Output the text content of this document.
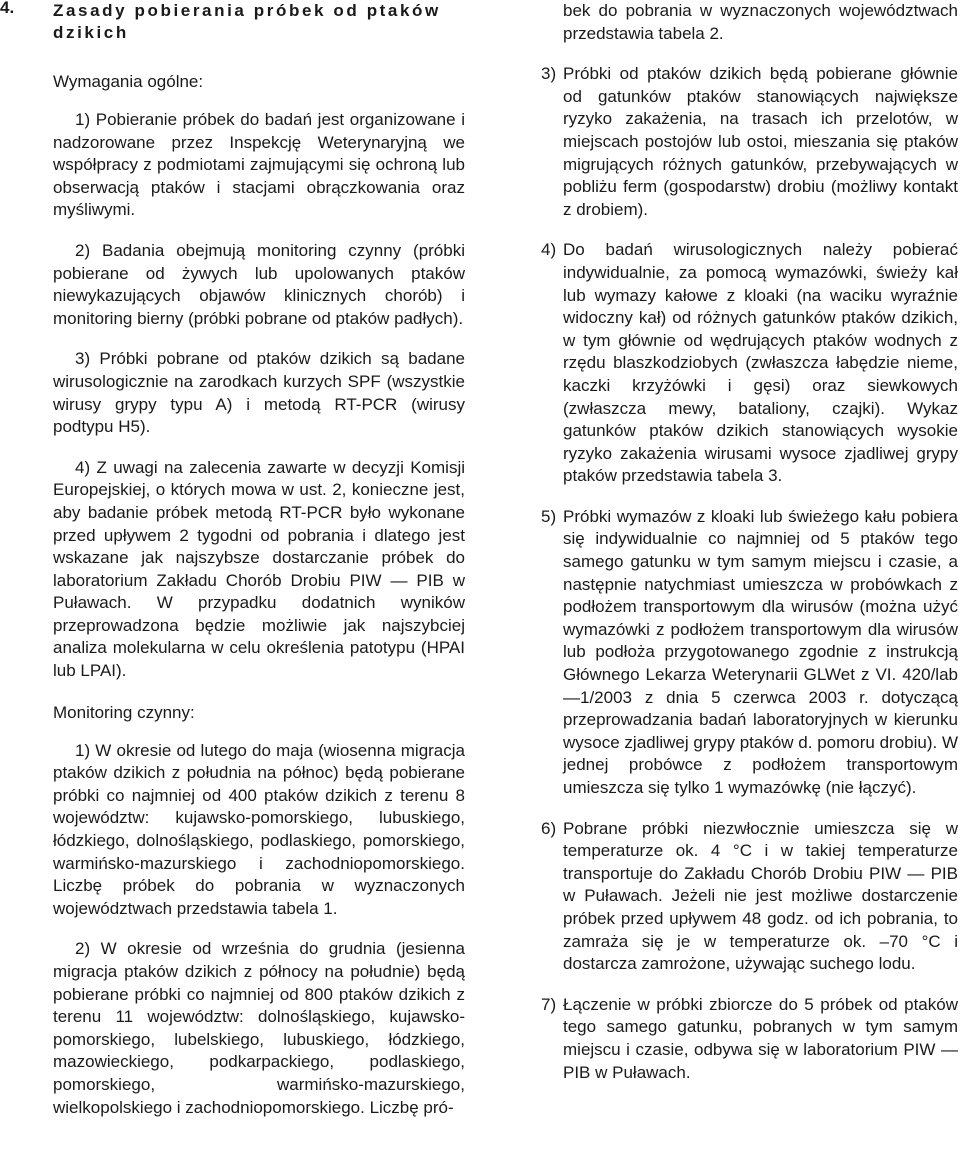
4. Zasady pobierania próbek od ptaków dzikich
Wymagania ogólne:
1) Pobieranie próbek do badań jest organizowane i nadzorowane przez Inspekcję Weterynaryjną we współpracy z podmiotami zajmującymi się ochroną lub obserwacją ptaków i stacjami obrączkowania oraz myśliwymi.
2) Badania obejmują monitoring czynny (próbki pobierane od żywych lub upolowanych ptaków niewykazujących objawów klinicznych chorób) i monitoring bierny (próbki pobrane od ptaków padłych).
3) Próbki pobrane od ptaków dzikich są badane wirusologicznie na zarodkach kurzych SPF (wszystkie wirusy grypy typu A) i metodą RT-PCR (wirusy podtypu H5).
4) Z uwagi na zalecenia zawarte w decyzji Komisji Europejskiej, o których mowa w ust. 2, konieczne jest, aby badanie próbek metodą RT-PCR było wykonane przed upływem 2 tygodni od pobrania i dlatego jest wskazane jak najszybsze dostarczanie próbek do laboratorium Zakładu Chorób Drobiu PIW — PIB w Puławach. W przypadku dodatnich wyników przeprowadzona będzie możliwie jak najszybciej analiza molekularna w celu określenia patotypu (HPAI lub LPAI).
Monitoring czynny:
1) W okresie od lutego do maja (wiosenna migracja ptaków dzikich z południa na północ) będą pobierane próbki co najmniej od 400 ptaków dzikich z terenu 8 województw: kujawsko-pomorskiego, lubuskiego, łódzkiego, dolnośląskiego, podlaskiego, pomorskiego, warmińsko-mazurskiego i zachodniopomorskiego. Liczbę próbek do pobrania w wyznaczonych województwach przedstawia tabela 1.
2) W okresie od września do grudnia (jesienna migracja ptaków dzikich z północy na południe) będą pobierane próbki co najmniej od 800 ptaków dzikich z terenu 11 województw: dolnośląskiego, kujawsko-pomorskiego, lubelskiego, lubuskiego, łódzkiego, mazowieckiego, podkarpackiego, podlaskiego, pomorskiego, warmińsko-mazurskiego, wielkopolskiego i zachodniopomorskiego. Liczbę pró-
bek do pobrania w wyznaczonych województwach przedstawia tabela 2.
3) Próbki od ptaków dzikich będą pobierane głównie od gatunków ptaków stanowiących największe ryzyko zakażenia, na trasach ich przelotów, w miejscach postojów lub ostoi, mieszania się ptaków migrujących różnych gatunków, przebywających w pobliżu ferm (gospodarstw) drobiu (możliwy kontakt z drobiem).
4) Do badań wirusologicznych należy pobierać indywidualnie, za pomocą wymazówki, świeży kał lub wymazy kałowe z kloaki (na waciku wyraźnie widoczny kał) od różnych gatunków ptaków dzikich, w tym głównie od wędrujących ptaków wodnych z rzędu blaszkodziobych (zwłaszcza łabędzie nieme, kaczki krzyżówki i gęsi) oraz siewkowych (zwłaszcza mewy, bataliony, czajki). Wykaz gatunków ptaków dzikich stanowiących wysokie ryzyko zakażenia wirusami wysoce zjadliwej grypy ptaków przedstawia tabela 3.
5) Próbki wymazów z kloaki lub świeżego kału pobiera się indywidualnie co najmniej od 5 ptaków tego samego gatunku w tym samym miejscu i czasie, a następnie natychmiast umieszcza w probówkach z podłożem transportowym dla wirusów (można użyć wymazówki z podłożem transportowym dla wirusów lub podłoża przygotowanego zgodnie z instrukcją Głównego Lekarza Weterynarii GLWet z VI. 420/lab —1/2003 z dnia 5 czerwca 2003 r. dotyczącą przeprowadzania badań laboratoryjnych w kierunku wysoce zjadliwej grypy ptaków d. pomoru drobiu). W jednej probówce z podłożem transportowym umieszcza się tylko 1 wymazówkę (nie łączyć).
6) Pobrane próbki niezwłocznie umieszcza się w temperaturze ok. 4 °C i w takiej temperaturze transportuje do Zakładu Chorób Drobiu PIW — PIB w Puławach. Jeżeli nie jest możliwe dostarczenie próbek przed upływem 48 godz. od ich pobrania, to zamraża się je w temperaturze ok. –70 °C i dostarcza zamrożone, używając suchego lodu.
7) Łączenie w próbki zbiorcze do 5 próbek od ptaków tego samego gatunku, pobranych w tym samym miejscu i czasie, odbywa się w laboratorium PIW — PIB w Puławach.
